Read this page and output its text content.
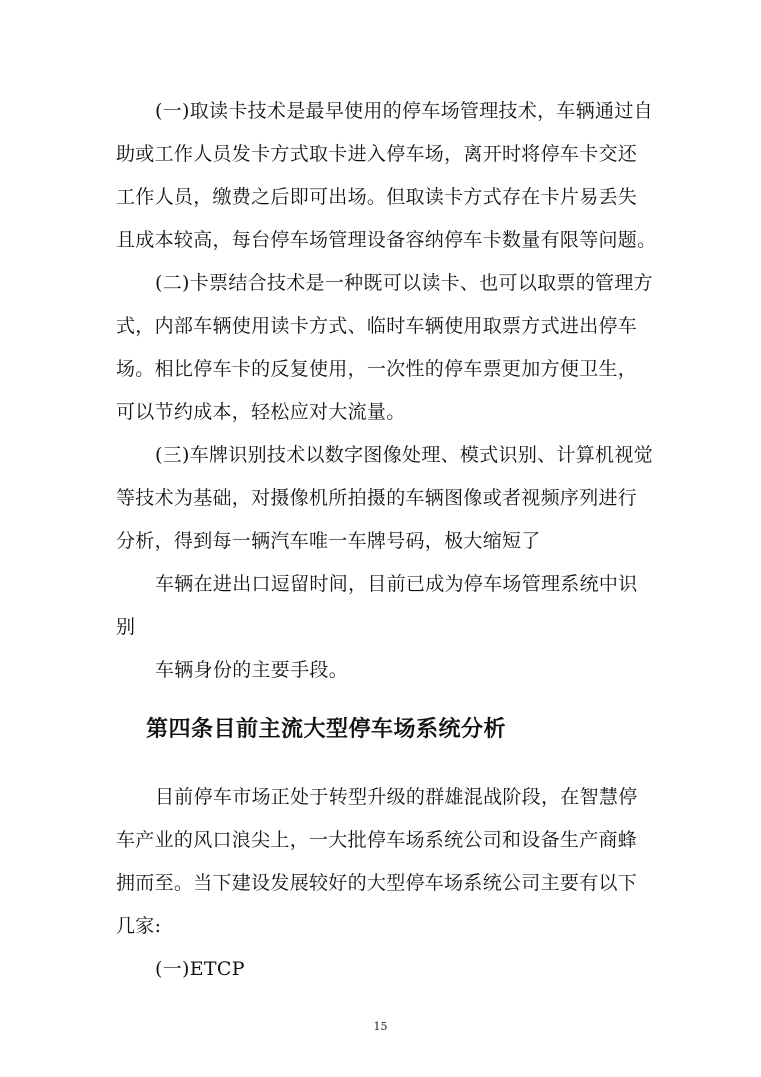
(一)取读卡技术是最早使用的停车场管理技术，车辆通过自
助或工作人员发卡方式取卡进入停车场，离开时将停车卡交还
工作人员，缴费之后即可出场。但取读卡方式存在卡片易丢失
且成本较高，每台停车场管理设备容纳停车卡数量有限等问题。
(二)卡票结合技术是一种既可以读卡、也可以取票的管理方
式，内部车辆使用读卡方式、临时车辆使用取票方式进出停车
场。相比停车卡的反复使用，一次性的停车票更加方便卫生，
可以节约成本，轻松应对大流量。
(三)车牌识别技术以数字图像处理、模式识别、计算机视觉
等技术为基础，对摄像机所拍摄的车辆图像或者视频序列进行
分析，得到每一辆汽车唯一车牌号码，极大缩短了
车辆在进出口逗留时间，目前已成为停车场管理系统中识
别
车辆身份的主要手段。
第四条目前主流大型停车场系统分析
目前停车市场正处于转型升级的群雄混战阶段，在智慧停
车产业的风口浪尖上，一大批停车场系统公司和设备生产商蜂
拥而至。当下建设发展较好的大型停车场系统公司主要有以下
几家:
(一)ETCP
15
